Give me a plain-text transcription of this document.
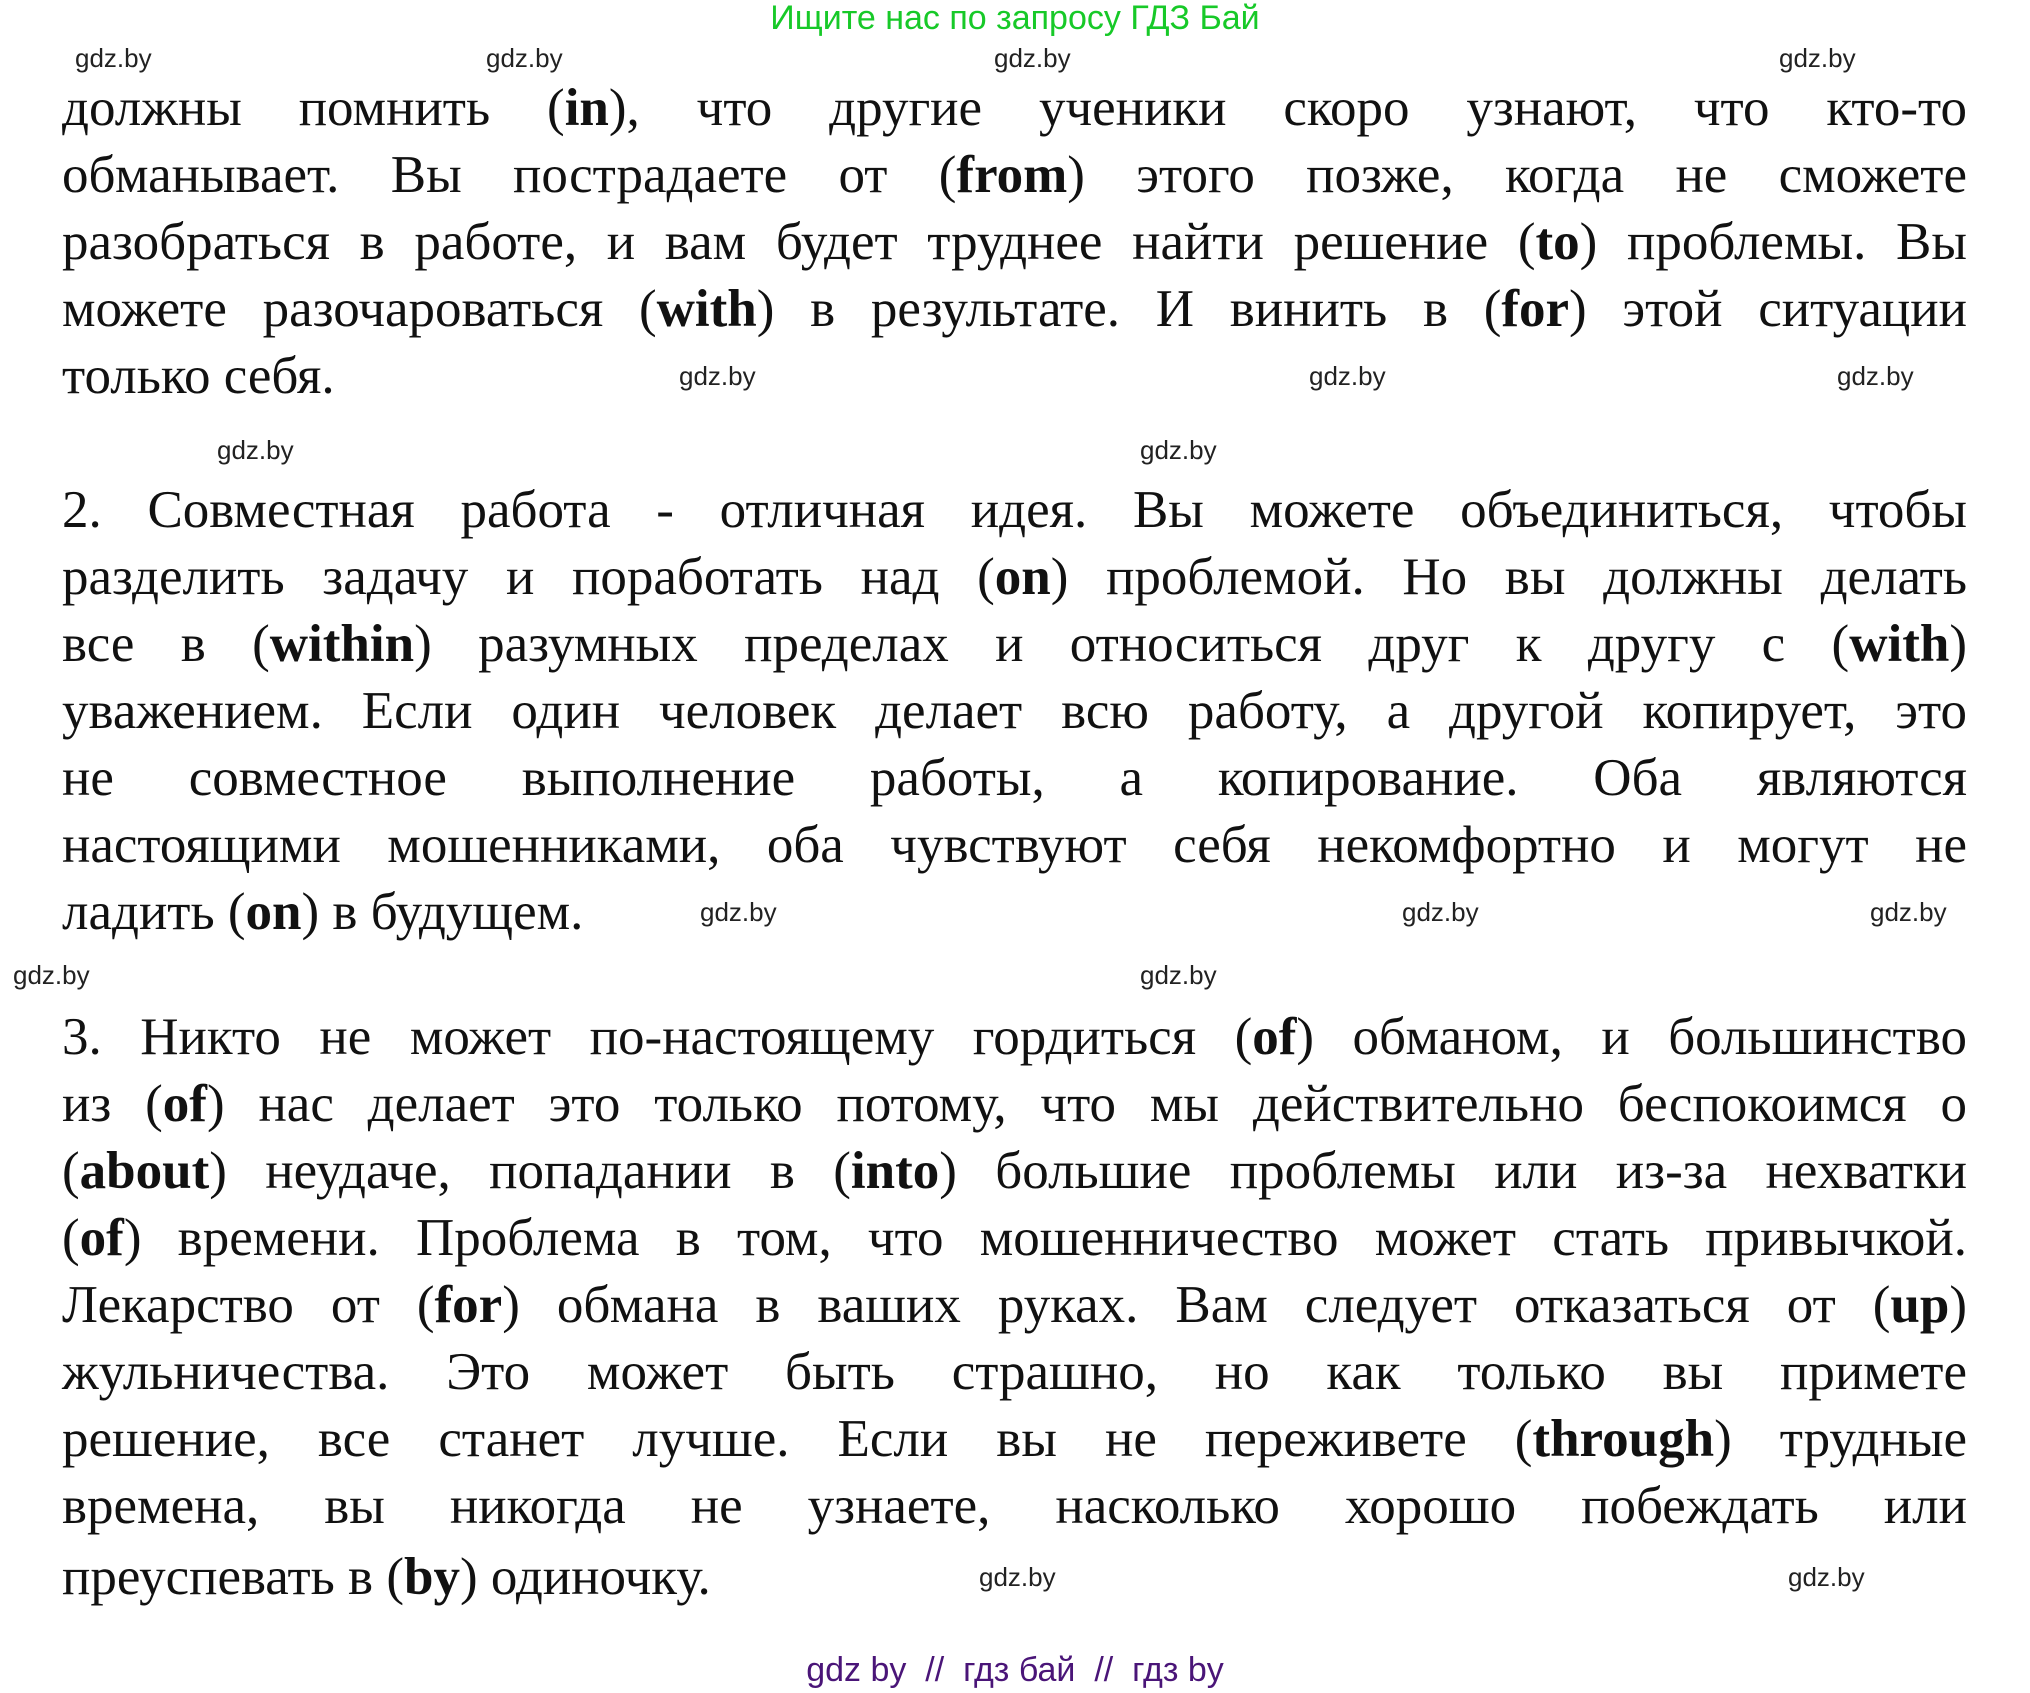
Ищите нас по запросу ГДЗ Бай
должны помнить (in), что другие ученики скоро узнают, что кто-то
обманывает. Вы пострадаете от (from) этого позже, когда не сможете
разобраться в работе, и вам будет труднее найти решение (to) проблемы. Вы
можете разочароваться (with) в результате. И винить в (for) этой ситуации
только себя.
2. Совместная работа - отличная идея. Вы можете объединиться, чтобы
разделить задачу и поработать над (on) проблемой. Но вы должны делать
все в (within) разумных пределах и относиться друг к другу с (with)
уважением. Если один человек делает всю работу, а другой копирует, это
не совместное выполнение работы, а копирование. Оба являются
настоящими мошенниками, оба чувствуют себя некомфортно и могут не
ладить (on) в будущем.
3. Никто не может по-настоящему гордиться (of) обманом, и большинство
из (of) нас делает это только потому, что мы действительно беспокоимся о
(about) неудаче, попадании в (into) большие проблемы или из-за нехватки
(of) времени. Проблема в том, что мошенничество может стать привычкой.
Лекарство от (for) обмана в ваших руках. Вам следует отказаться от (up)
жульничества. Это может быть страшно, но как только вы примете
решение, все станет лучше. Если вы не переживете (through) трудные
времена, вы никогда не узнаете, насколько хорошо побеждать или
преуспевать в (by) одиночку.
gdz.by	gdz.by	gdz.by	gdz.by
gdz.by	gdz.by	gdz.by
gdz.by	gdz.by
gdz.by	gdz.by	gdz.by
gdz.by	gdz.by
gdz.by	gdz.by
gdz by  //  гдз бай  //  гдз by
